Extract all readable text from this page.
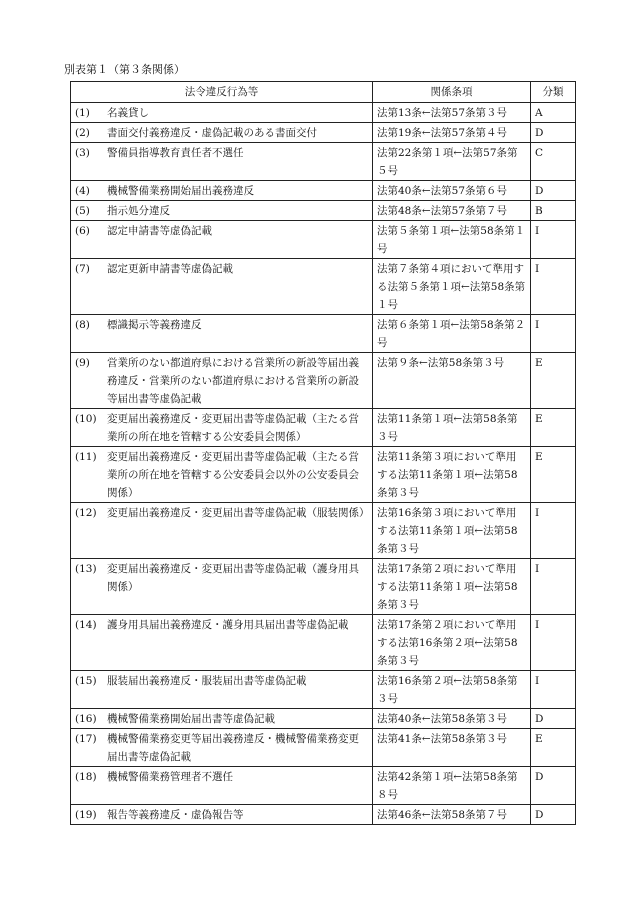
別表第１（第３条関係）
法令違反行為等	関係条項	分類

(1) 名義貸し	法第13条←法第57条第３号	A

(2) 書面交付義務違反・虚偽記載のある書面交付	法第19条←法第57条第４号	D

(3) 警備員指導教育責任者不選任	法第22条第１項←法第57条第５号	C

(4) 機械警備業務開始届出義務違反	法第40条←法第57条第６号	D

(5) 指示処分違反	法第48条←法第57条第７号	B

(6) 認定申請書等虚偽記載	法第５条第１項←法第58条第１号	I

(7) 認定更新申請書等虚偽記載	法第７条第４項において準用する法第５条第１項←法第58条第１号	I

(8) 標識掲示等義務違反	法第６条第１項←法第58条第２号	I

(9) 営業所のない都道府県における営業所の新設等届出義務違反・営業所のない都道府県における営業所の新設等届出書等虚偽記載	法第９条←法第58条第３号	E

(10) 変更届出義務違反・変更届出書等虚偽記載（主たる営業所の所在地を管轄する公安委員会関係）	法第11条第１項←法第58条第３号	E

(11) 変更届出義務違反・変更届出書等虚偽記載（主たる営業所の所在地を管轄する公安委員会以外の公安委員会関係）	法第11条第３項において準用する法第11条第１項←法第58条第３号	E

(12) 変更届出義務違反・変更届出書等虚偽記載（服装関係）	法第16条第３項において準用する法第11条第１項←法第58条第３号	I

(13) 変更届出義務違反・変更届出書等虚偽記載（護身用具関係）	法第17条第２項において準用する法第11条第１項←法第58条第３号	I

(14) 護身用具届出義務違反・護身用具届出書等虚偽記載	法第17条第２項において準用する法第16条第２項←法第58条第３号	I

(15) 服装届出義務違反・服装届出書等虚偽記載	法第16条第２項←法第58条第３号	I

(16) 機械警備業務開始届出書等虚偽記載	法第40条←法第58条第３号	D

(17) 機械警備業務変更等届出義務違反・機械警備業務変更届出書等虚偽記載	法第41条←法第58条第３号	E

(18) 機械警備業務管理者不選任	法第42条第１項←法第58条第８号	D

(19) 報告等義務違反・虚偽報告等	法第46条←法第58条第７号	D
